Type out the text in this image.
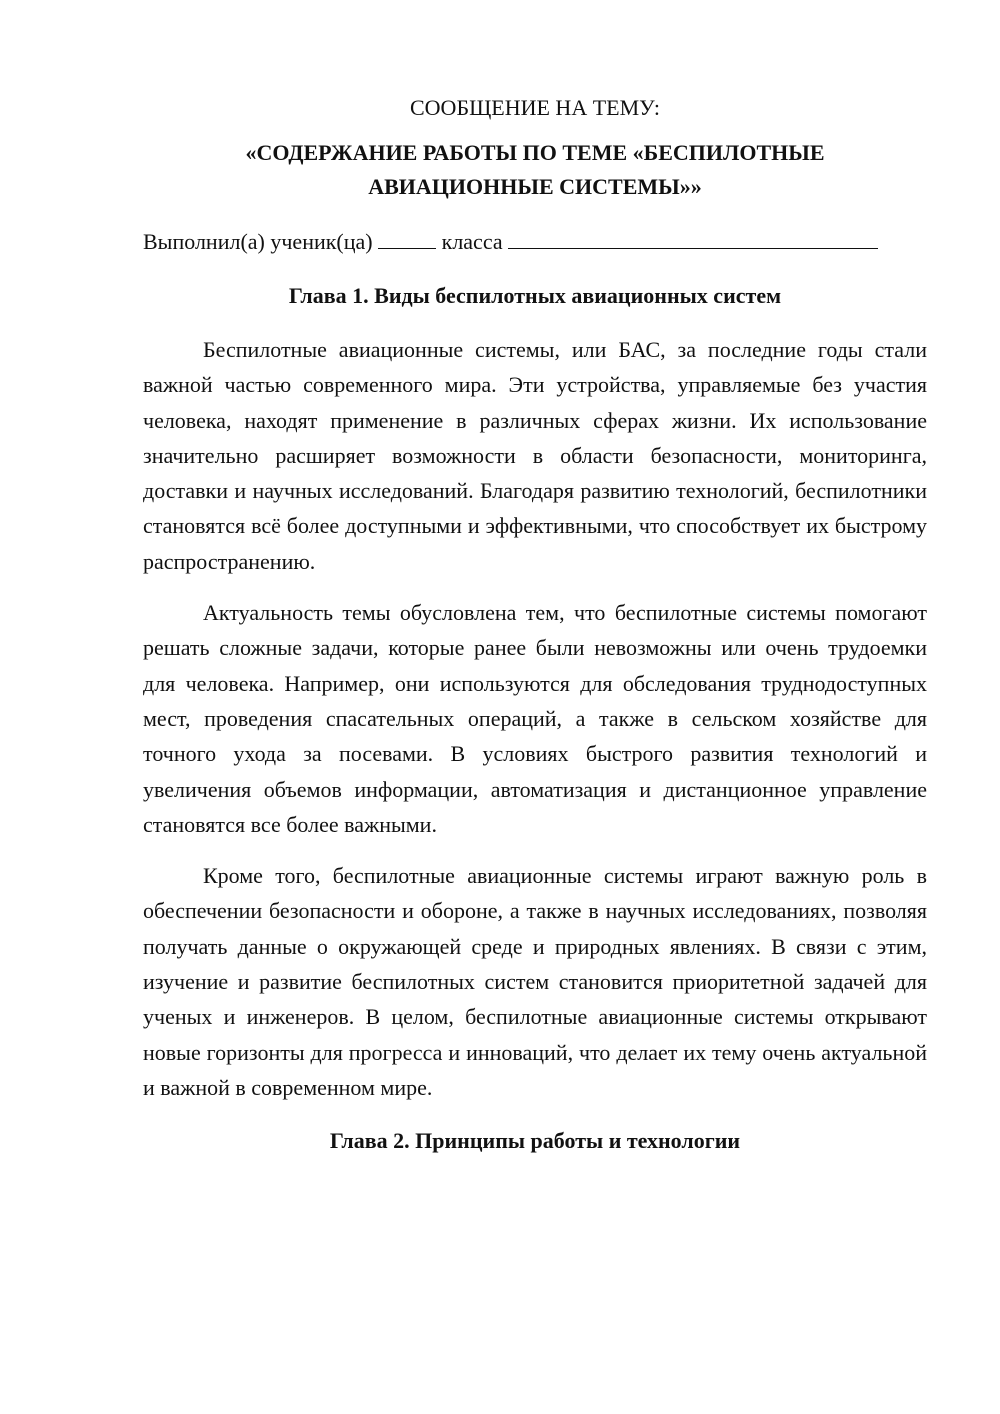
СООБЩЕНИЕ НА ТЕМУ:

«СОДЕРЖАНИЕ РАБОТЫ ПО ТЕМЕ «БЕСПИЛОТНЫЕ
АВИАЦИОННЫЕ СИСТЕМЫ»»

Выполнил(а) ученик(ца)	класса

Глава 1. Виды беспилотных авиационных систем

Беспилотные авиационные системы, или БАС, за последние годы стали важной частью современного мира. Эти устройства, управляемые без участия человека, находят применение в различных сферах жизни. Их использование значительно расширяет возможности в области безопасности, мониторинга, доставки и научных исследований. Благодаря развитию технологий, беспилотники становятся всё более доступными и эффективными, что способствует их быстрому распространению.

Актуальность темы обусловлена тем, что беспилотные системы помогают решать сложные задачи, которые ранее были невозможны или очень трудоемки для человека. Например, они используются для обследования труднодоступных мест, проведения спасательных операций, а также в сельском хозяйстве для точного ухода за посевами. В условиях быстрого развития технологий и увеличения объемов информации, автоматизация и дистанционное управление становятся все более важными.

Кроме того, беспилотные авиационные системы играют важную роль в обеспечении безопасности и обороне, а также в научных исследованиях, позволяя получать данные о окружающей среде и природных явлениях. В связи с этим, изучение и развитие беспилотных систем становится приоритетной задачей для ученых и инженеров. В целом, беспилотные авиационные системы открывают новые горизонты для прогресса и инноваций, что делает их тему очень актуальной и важной в современном мире.

Глава 2. Принципы работы и технологии
